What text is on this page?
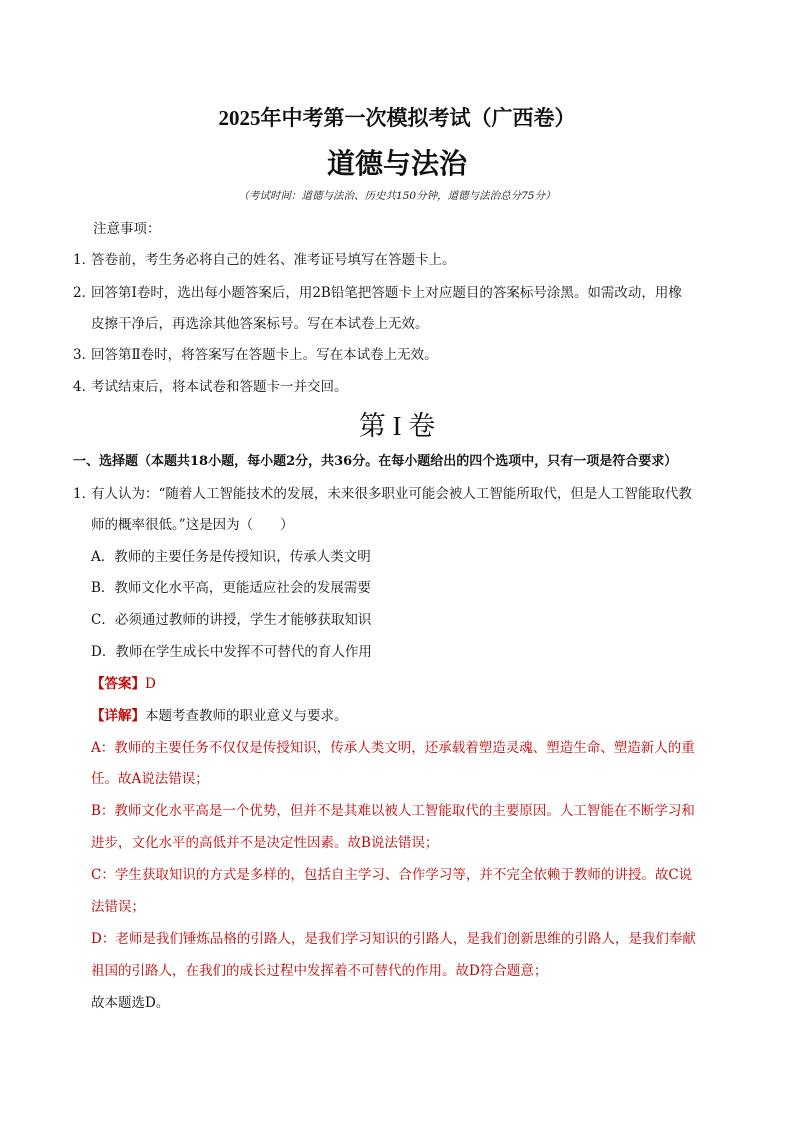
2025年中考第一次模拟考试（广西卷）
道德与法治
（考试时间：道德与法治、历史共150分钟，道德与法治总分75分）
注意事项：
1．答卷前，考生务必将自己的姓名、准考证号填写在答题卡上。
2．回答第Ⅰ卷时，选出每小题答案后，用2B铅笔把答题卡上对应题目的答案标号涂黑。如需改动，用橡
皮擦干净后，再选涂其他答案标号。写在本试卷上无效。
3．回答第Ⅱ卷时，将答案写在答题卡上。写在本试卷上无效。
4．考试结束后，将本试卷和答题卡一并交回。
第 I 卷
一、选择题（本题共18小题，每小题2分，共36分。在每小题给出的四个选项中，只有一项是符合要求）
1．有人认为：“随着人工智能技术的发展，未来很多职业可能会被人工智能所取代，但是人工智能取代教
师的概率很低。”这是因为（　　）
A．教师的主要任务是传授知识，传承人类文明
B．教师文化水平高，更能适应社会的发展需要
C．必须通过教师的讲授，学生才能够获取知识
D．教师在学生成长中发挥不可替代的育人作用
【答案】D
【详解】本题考查教师的职业意义与要求。
A：教师的主要任务不仅仅是传授知识，传承人类文明，还承载着塑造灵魂、塑造生命、塑造新人的重
任。故A说法错误；
B：教师文化水平高是一个优势，但并不是其难以被人工智能取代的主要原因。人工智能在不断学习和
进步，文化水平的高低并不是决定性因素。故B说法错误；
C：学生获取知识的方式是多样的，包括自主学习、合作学习等，并不完全依赖于教师的讲授。故C说
法错误；
D：老师是我们锤炼品格的引路人，是我们学习知识的引路人，是我们创新思维的引路人，是我们奉献
祖国的引路人，在我们的成长过程中发挥着不可替代的作用。故D符合题意；
故本题选D。
